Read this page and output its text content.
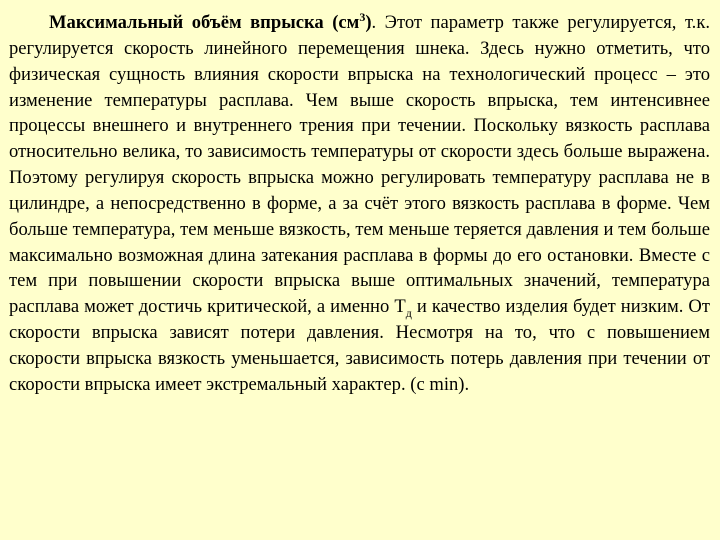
Максимальный объём впрыска $(см^3)$. Этот параметр также регулируется, т.к. регулируется скорость линейного перемещения шнека. Здесь нужно отметить, что физическая сущность влияния скорости впрыска на технологический процесс – это изменение температуры расплава. Чем выше скорость впрыска, тем интенсивнее процессы внешнего и внутреннего трения при течении. Поскольку вязкость расплава относительно велика, то зависимость температуры от скорости здесь больше выражена. Поэтому регулируя скорость впрыска можно регулировать температуру расплава не в цилиндре, а непосредственно в форме, а за счёт этого вязкость расплава в форме. Чем больше температура, тем меньше вязкость, тем меньше теряется давления и тем больше максимально возможная длина затекания расплава в формы до его остановки. Вместе с тем при повышении скорости впрыска выше оптимальных значений, температура расплава может достичь критической, а именно $Т_д$ и качество изделия будет низким. От скорости впрыска зависят потери давления. Несмотря на то, что с повышением скорости впрыска вязкость уменьшается, зависимость потерь давления при течении от скорости впрыска имеет экстремальный характер. (с min).
